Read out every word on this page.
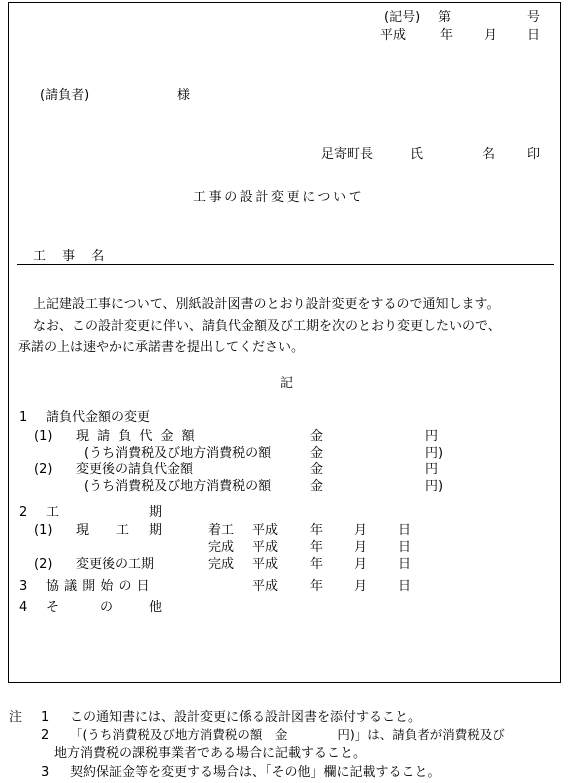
(記号) 第	号
平成	年 月 日
(請負者)	様
足寄町長	氏	名 印
工事の設計変更について
工 事 名
上記建設工事について、別紙設計図書のとおり設計変更をするので通知します。
なお、この設計変更に伴い、請負代金額及び工期を次のとおり変更したいので、
承諾の上は速やかに承諾書を提出してください。
記
1 請負代金額の変更
(1) 現 請 負 代 金 額	金	円
(うち消費税及び地方消費税の額	金	円)
(2) 変更後の請負代金額	金	円
(うち消費税及び地方消費税の額	金	円)
2 工	期
(1) 現 工 期	着工 平成 年 月 日
完成 平成 年 月 日
(2) 変更後の工期	完成 平成 年 月 日
3 協 議 開 始 の 日	平成 年 月 日
4 そ	の	他
注 1 この通知書には、設計変更に係る設計図書を添付すること。
2 「(うち消費税及び地方消費税の額　金　　　　円)」は、請負者が消費税及び
地方消費税の課税事業者である場合に記載すること。
3 契約保証金等を変更する場合は、「その他」欄に記載すること。
